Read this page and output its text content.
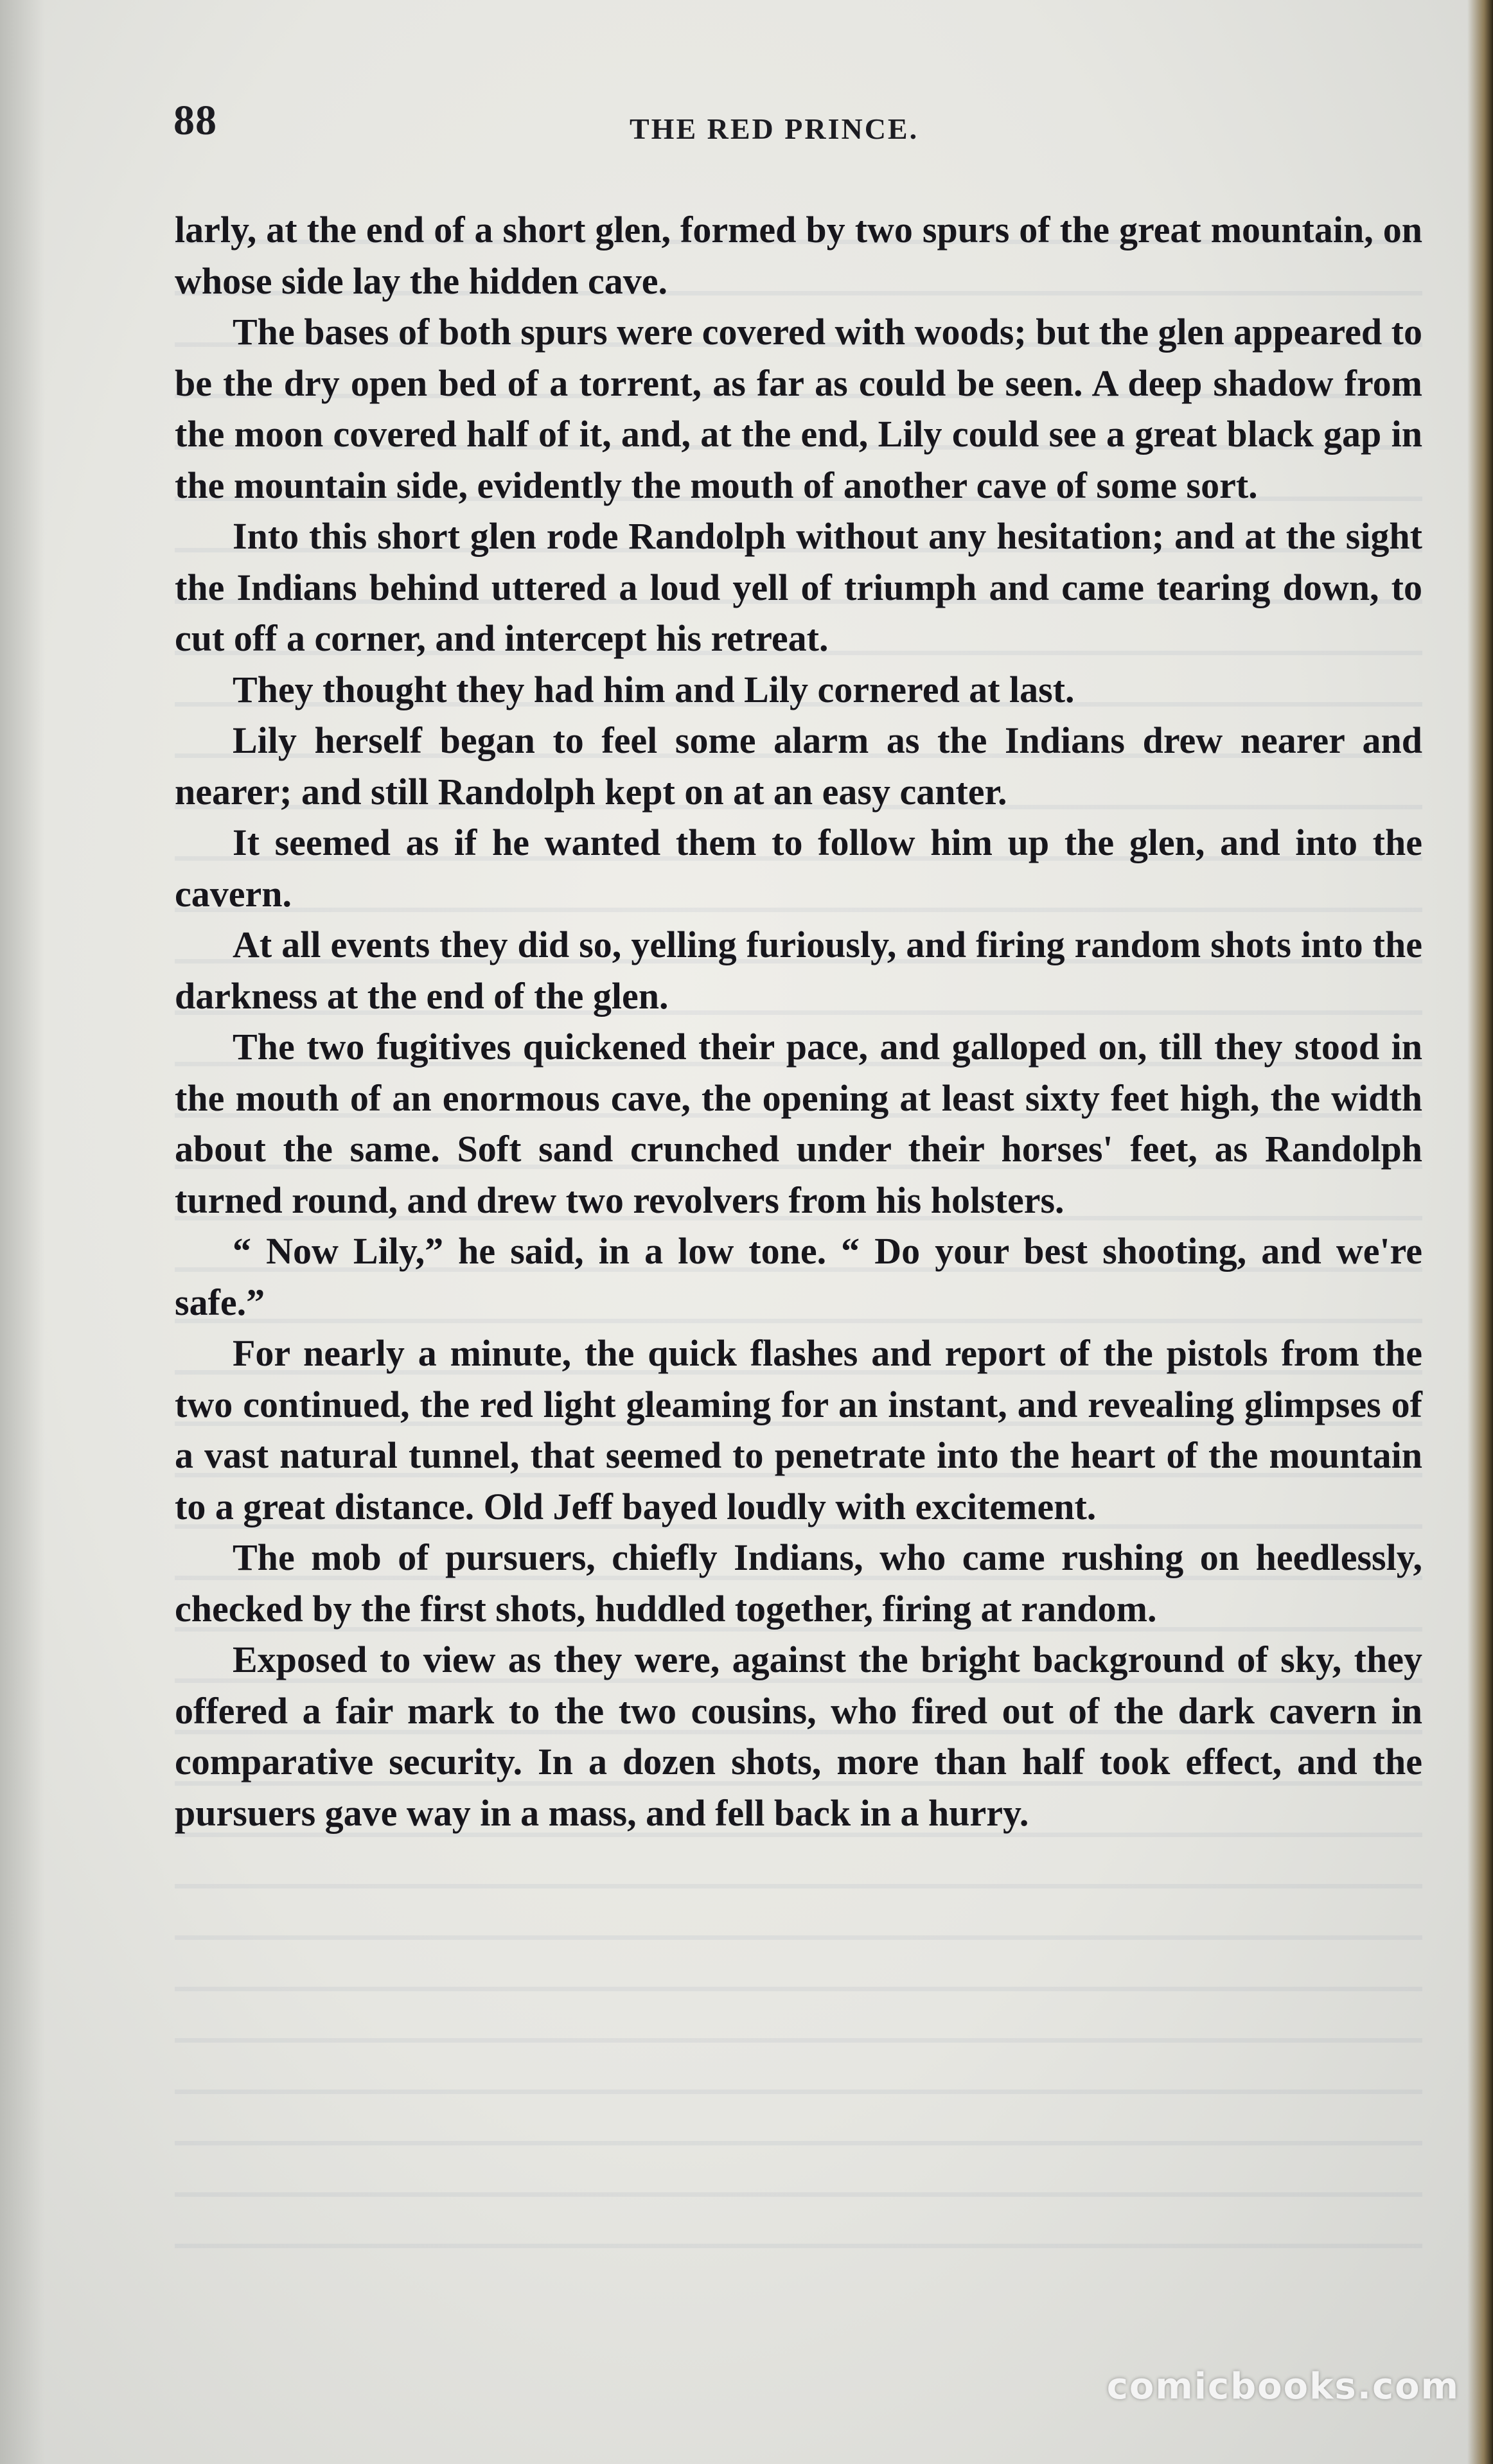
88	THE RED PRINCE.

larly, at the end of a short glen, formed by two spurs of the great mountain, on whose side lay the hidden cave.

The bases of both spurs were covered with woods; but the glen appeared to be the dry open bed of a torrent, as far as could be seen. A deep shadow from the moon covered half of it, and, at the end, Lily could see a great black gap in the mountain side, evidently the mouth of another cave of some sort.

Into this short glen rode Randolph without any hesitation; and at the sight the Indians behind uttered a loud yell of triumph and came tearing down, to cut off a corner, and intercept his retreat.

They thought they had him and Lily cornered at last.

Lily herself began to feel some alarm as the Indians drew nearer and nearer; and still Randolph kept on at an easy canter.

It seemed as if he wanted them to follow him up the glen, and into the cavern.

At all events they did so, yelling furiously, and firing random shots into the darkness at the end of the glen.

The two fugitives quickened their pace, and galloped on, till they stood in the mouth of an enormous cave, the opening at least sixty feet high, the width about the same. Soft sand crunched under their horses' feet, as Randolph turned round, and drew two revolvers from his holsters.

“ Now Lily,” he said, in a low tone. “ Do your best shooting, and we're safe.”

For nearly a minute, the quick flashes and report of the pistols from the two continued, the red light gleaming for an instant, and revealing glimpses of a vast natural tunnel, that seemed to penetrate into the heart of the mountain to a great distance. Old Jeff bayed loudly with excitement.

The mob of pursuers, chiefly Indians, who came rushing on heedlessly, checked by the first shots, huddled together, firing at random.

Exposed to view as they were, against the bright background of sky, they offered a fair mark to the two cousins, who fired out of the dark cavern in comparative security. In a dozen shots, more than half took effect, and the pursuers gave way in a mass, and fell back in a hurry.

comicbooks.com
